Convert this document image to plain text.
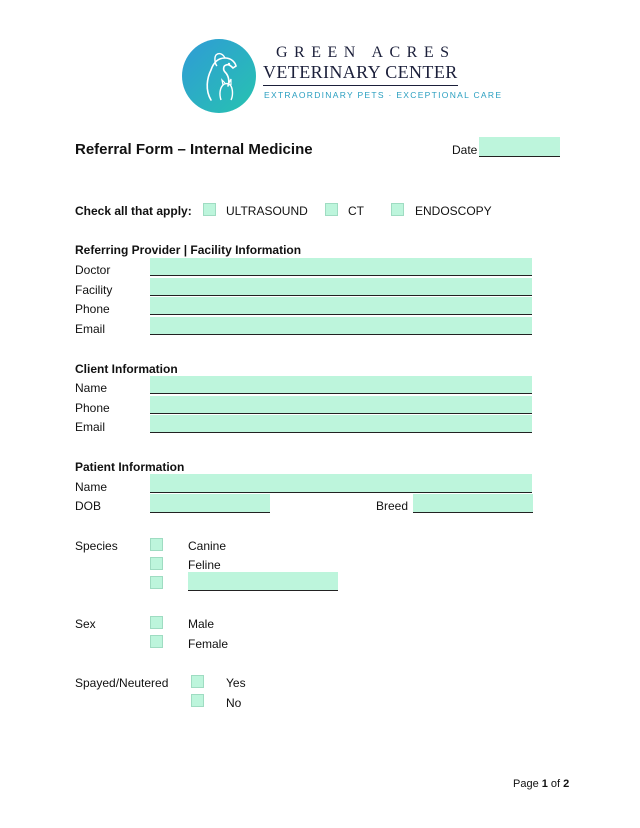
GREEN ACRES
VETERINARY CENTER
EXTRAORDINARY PETS · EXCEPTIONAL CARE
Referral Form – Internal Medicine	Date
Check all that apply:	ULTRASOUND	CT	ENDOSCOPY
Referring Provider | Facility Information
Doctor
Facility
Phone
Email
Client Information
Name
Phone
Email
Patient Information
Name
DOB	Breed
Species	Canine
Feline
Sex	Male
Female
Spayed/Neutered	Yes
No
Page 1 of 2
